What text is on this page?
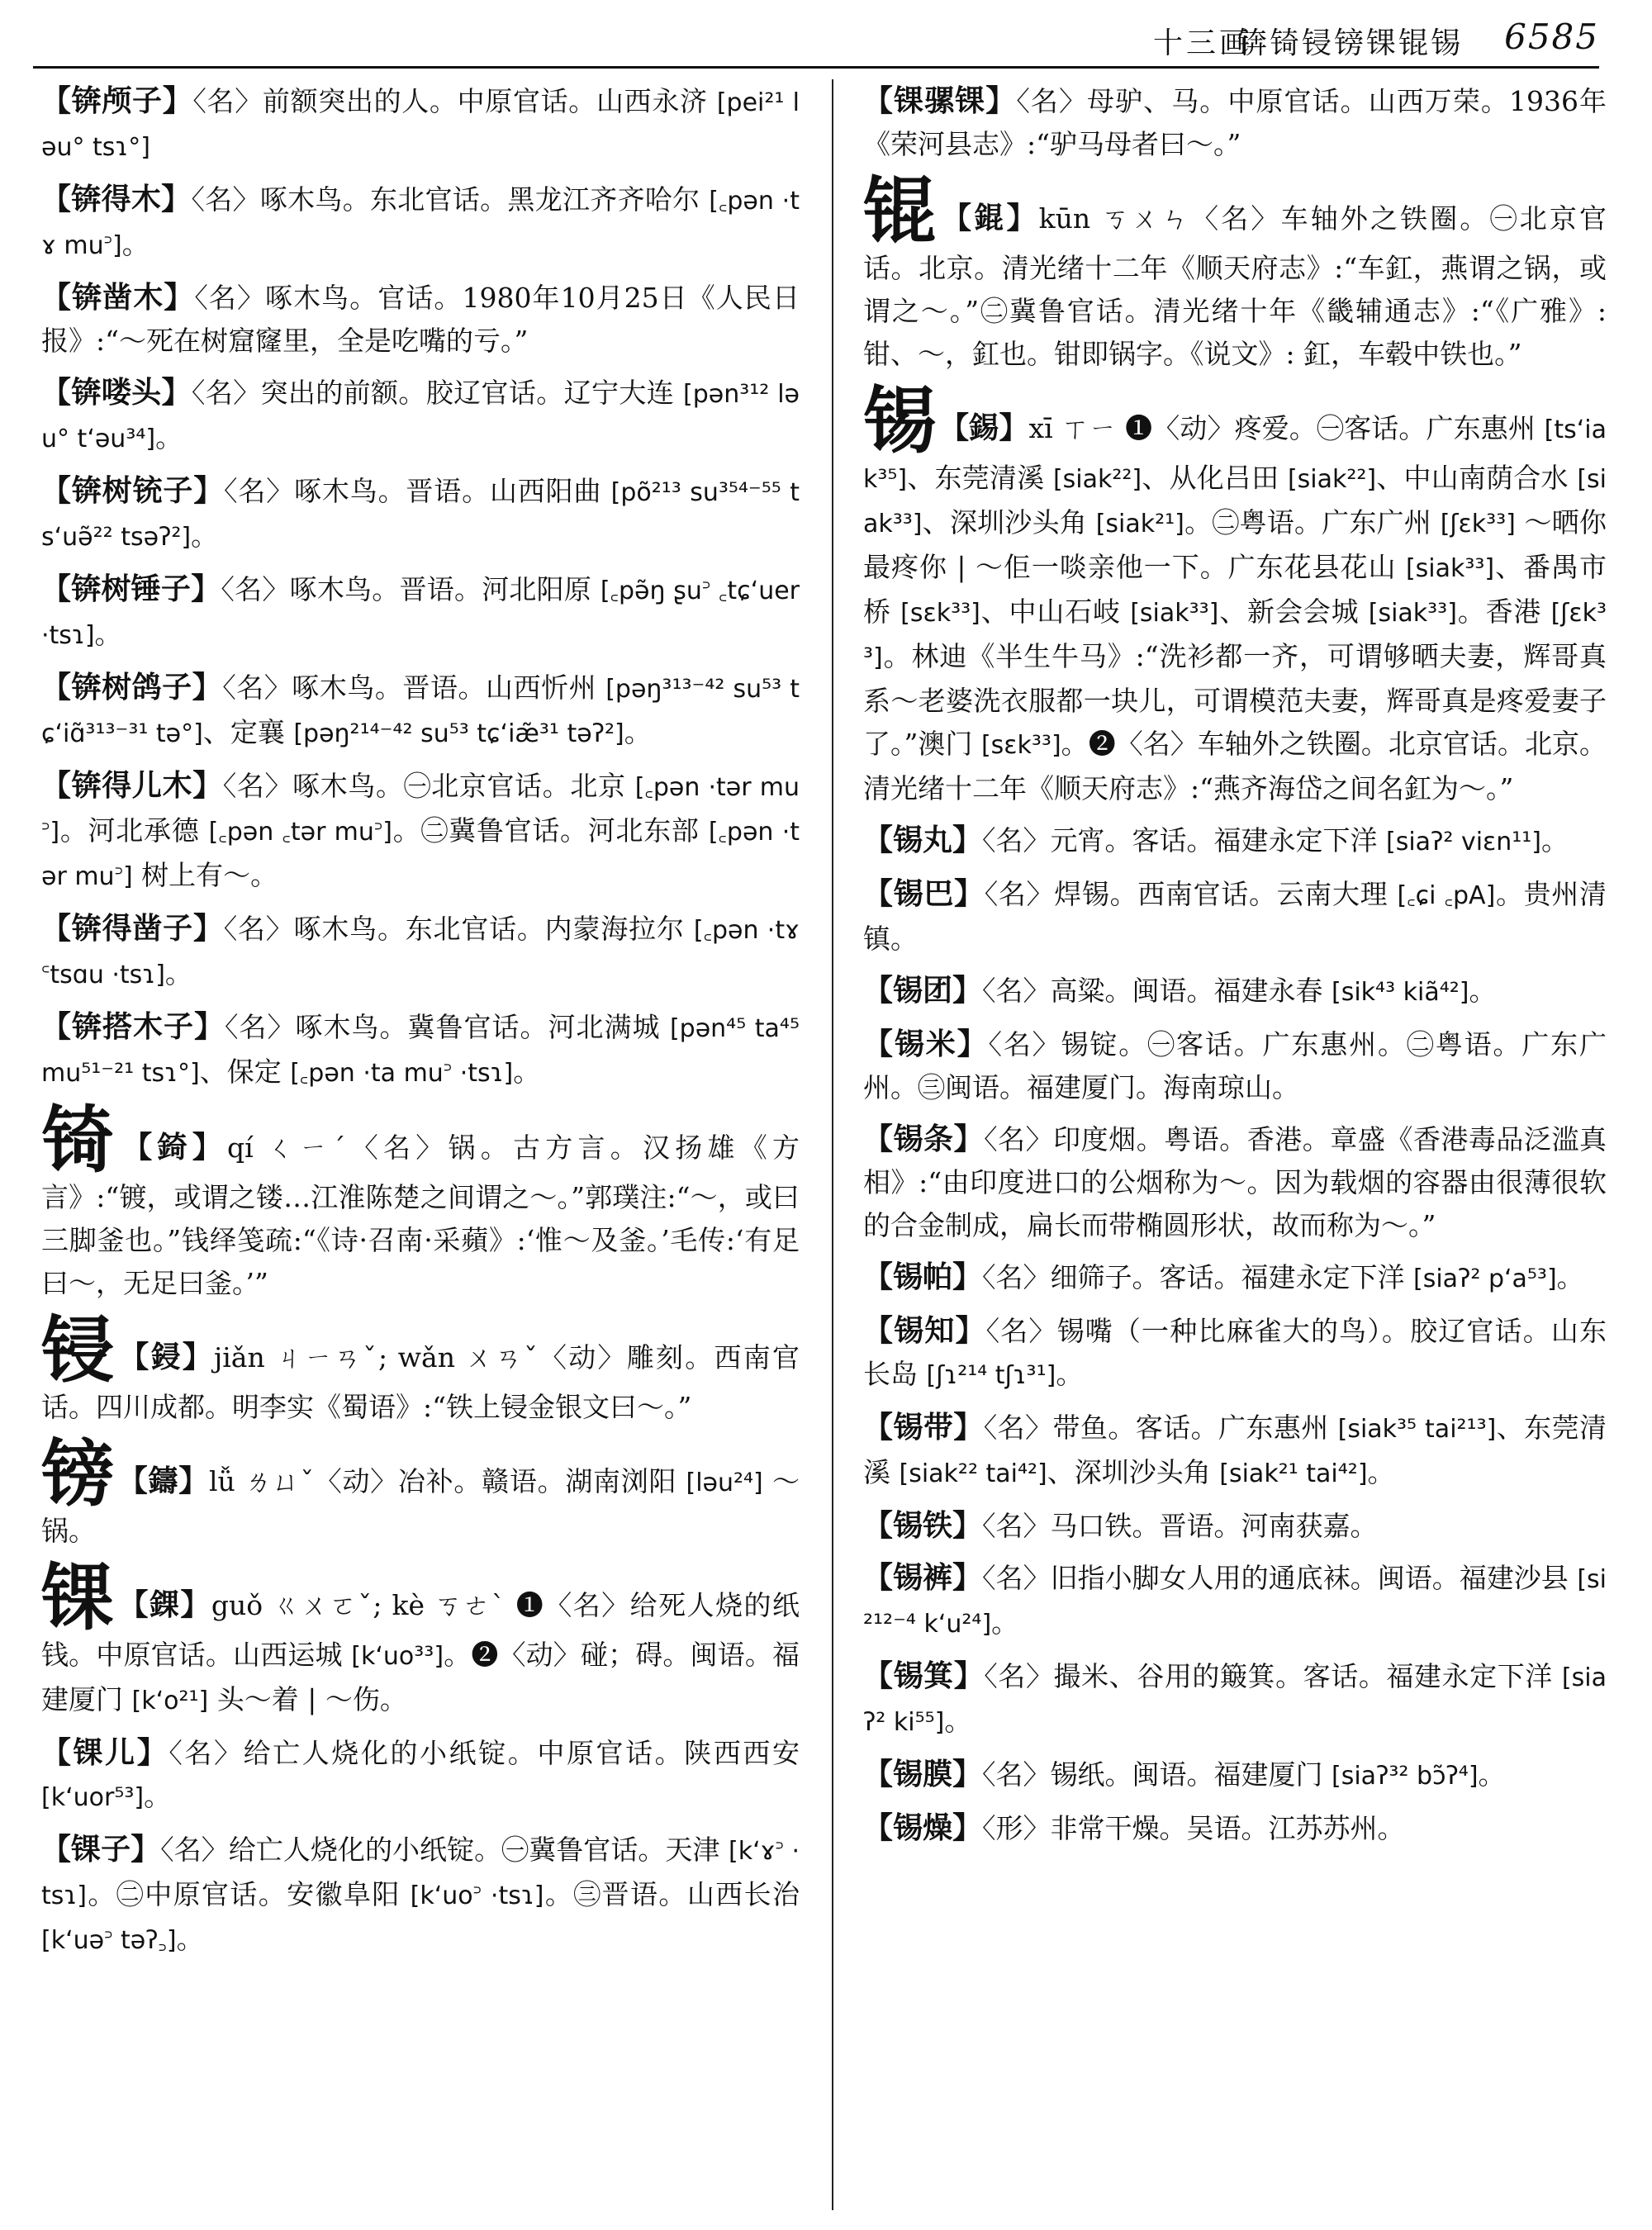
十三画
锛锜锓镑锞锟锡 6585

【锛颅子】〈名〉前额突出的人。中原官话。山西永济 [pei²¹ ləu° tsɿ°]

【锛得木】〈名〉啄木鸟。东北官话。黑龙江齐齐哈尔 [꜀pən ·tɤ mu꜄]。

【锛凿木】〈名〉啄木鸟。官话。1980年10月25日《人民日报》:“～死在树窟窿里，全是吃嘴的亏。”

【锛喽头】〈名〉突出的前额。胶辽官话。辽宁大连 [pən³¹² ləu° t‘əu³⁴]。

【锛树铳子】〈名〉啄木鸟。晋语。山西阳曲 [põ²¹³ su³⁵⁴⁻⁵⁵ ts‘uə̃²² tsəʔ²]。

【锛树锤子】〈名〉啄木鸟。晋语。河北阳原 [꜀pə̃ŋ ʂu꜄ ꜀tɕ‘uer ·tsɿ]。

【锛树鸽子】〈名〉啄木鸟。晋语。山西忻州 [pəŋ³¹³⁻⁴² su⁵³ tɕ‘iɑ̃³¹³⁻³¹ tə°]、定襄 [pəŋ²¹⁴⁻⁴² su⁵³ tɕ‘iæ̃³¹ təʔ²]。

【锛得儿木】〈名〉啄木鸟。㊀北京官话。北京 [꜀pən ·tər mu꜄]。河北承德 [꜀pən ꜀tər mu꜄]。㊁冀鲁官话。河北东部 [꜀pən ·tər mu꜄] 树上有～。

【锛得凿子】〈名〉啄木鸟。东北官话。内蒙海拉尔 [꜀pən ·tɤ ꜂tsɑu ·tsɿ]。

【锛搭木子】〈名〉啄木鸟。冀鲁官话。河北满城 [pən⁴⁵ ta⁴⁵ mu⁵¹⁻²¹ tsɿ°]、保定 [꜀pən ·ta mu꜄ ·tsɿ]。

锜 【錡】qí ㄑㄧˊ〈名〉锅。古方言。汉扬雄《方言》:“镀，或谓之镂…江淮陈楚之间谓之～。”郭璞注:“～，或曰三脚釜也。”钱绎笺疏:“《诗·召南·采蘋》:‘惟～及釜。’毛传:‘有足曰～，无足曰釜。’”

锓 【鋟】jiǎn ㄐㄧㄢˇ; wǎn ㄨㄢˇ〈动〉雕刻。西南官话。四川成都。明李实《蜀语》:“铁上锓金银文曰～。”

镑 【鑄】lǚ ㄌㄩˇ〈动〉冶补。赣语。湖南浏阳 [ləu²⁴] ～锅。

锞 【錁】guǒ ㄍㄨㄛˇ; kè ㄎㄜˋ ❶〈名〉给死人烧的纸钱。中原官话。山西运城 [k‘uo³³]。❷〈动〉碰；碍。闽语。福建厦门 [k‘o²¹] 头～着 | ～伤。

【锞儿】〈名〉给亡人烧化的小纸锭。中原官话。陕西西安 [k‘uor⁵³]。

【锞子】〈名〉给亡人烧化的小纸锭。㊀冀鲁官话。天津 [k‘ɤ꜄ ·tsɿ]。㊁中原官话。安徽阜阳 [k‘uo꜄ ·tsɿ]。㊂晋语。山西长治 [k‘uə꜄ təʔ꜆]。

【锞骡锞】〈名〉母驴、马。中原官话。山西万荣。1936年《荣河县志》:“驴马母者曰～。”

锟 【錕】kūn ㄎㄨㄣ〈名〉车轴外之铁圈。㊀北京官话。北京。清光绪十二年《顺天府志》:“车釭，燕谓之锅，或谓之～。”㊁冀鲁官话。清光绪十年《畿辅通志》:“《广雅》: 钳、～，釭也。钳即锅字。《说文》: 釭，车毂中铁也。”

锡 【錫】xī ㄒㄧ ❶〈动〉疼爱。㊀客话。广东惠州 [ts‘iak³⁵]、东莞清溪 [siak²²]、从化吕田 [siak²²]、中山南荫合水 [siak³³]、深圳沙头角 [siak²¹]。㊁粤语。广东广州 [ʃɛk³³] ～晒你最疼你 | ～佢一啖亲他一下。广东花县花山 [siak³³]、番禺市桥 [sɛk³³]、中山石岐 [siak³³]、新会会城 [siak³³]。香港 [ʃɛk³³]。林迪《半生牛马》:“洗衫都一齐，可谓够晒夫妻，辉哥真系～老婆洗衣服都一块儿，可谓模范夫妻，辉哥真是疼爱妻子了。”澳门 [sɛk³³]。❷〈名〉车轴外之铁圈。北京官话。北京。清光绪十二年《顺天府志》:“燕齐海岱之间名釭为～。”

【锡丸】〈名〉元宵。客话。福建永定下洋 [siaʔ² viɛn¹¹]。

【锡巴】〈名〉焊锡。西南官话。云南大理 [꜀ɕi ꜀pA]。贵州清镇。

【锡团】〈名〉高粱。闽语。福建永春 [sik⁴³ kiã⁴²]。

【锡米】〈名〉锡锭。㊀客话。广东惠州。㊁粤语。广东广州。㊂闽语。福建厦门。海南琼山。

【锡条】〈名〉印度烟。粤语。香港。章盛《香港毒品泛滥真相》:“由印度进口的公烟称为～。因为载烟的容器由很薄很软的合金制成，扁长而带椭圆形状，故而称为～。”

【锡帕】〈名〉细筛子。客话。福建永定下洋 [siaʔ² p‘a⁵³]。

【锡知】〈名〉锡嘴（一种比麻雀大的鸟）。胶辽官话。山东长岛 [ʃɿ²¹⁴ tʃɿ³¹]。

【锡带】〈名〉带鱼。客话。广东惠州 [siak³⁵ tai²¹³]、东莞清溪 [siak²² tai⁴²]、深圳沙头角 [siak²¹ tai⁴²]。

【锡铁】〈名〉马口铁。晋语。河南获嘉。

【锡裤】〈名〉旧指小脚女人用的通底袜。闽语。福建沙县 [si²¹²⁻⁴ k‘u²⁴]。

【锡箕】〈名〉撮米、谷用的簸箕。客话。福建永定下洋 [siaʔ² ki⁵⁵]。

【锡膜】〈名〉锡纸。闽语。福建厦门 [siaʔ³² bɔ̃ʔ⁴]。

【锡燥】〈形〉非常干燥。吴语。江苏苏州。
